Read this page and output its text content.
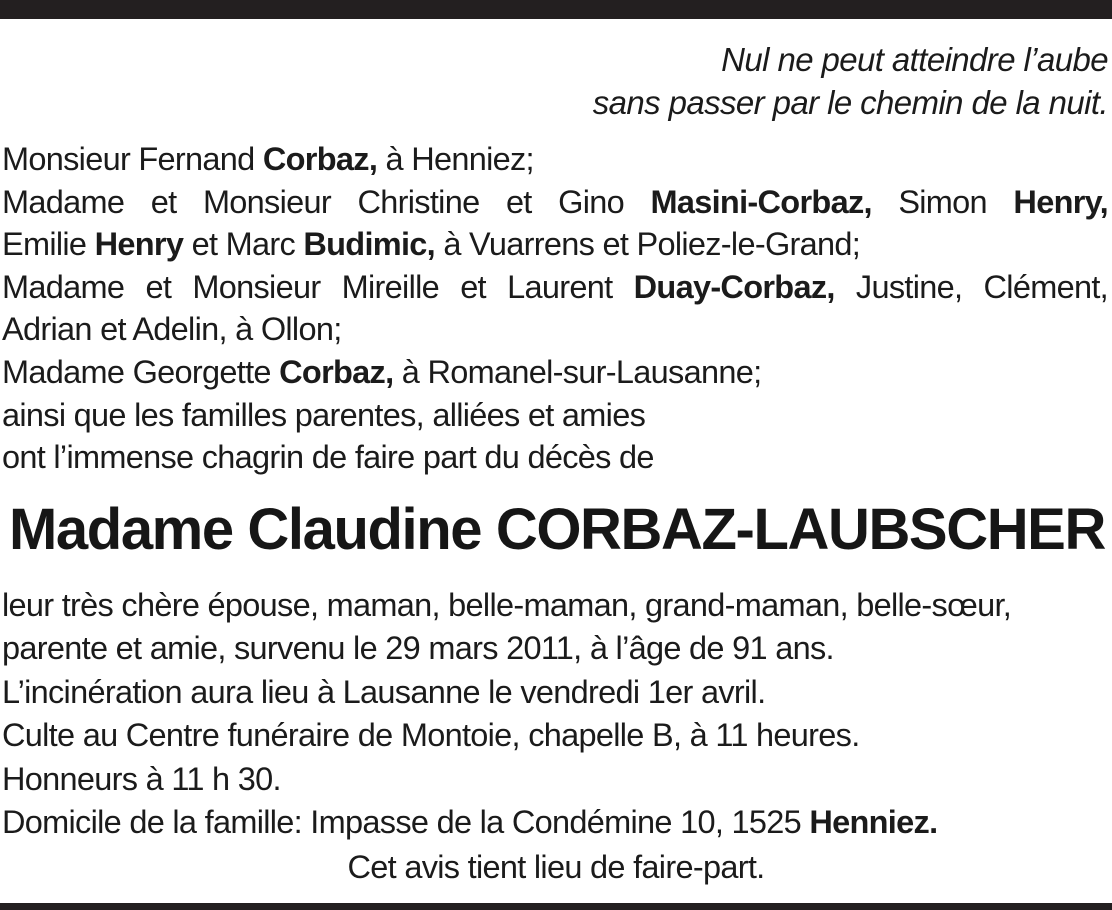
Nul ne peut atteindre l’aube
sans passer par le chemin de la nuit.
Monsieur Fernand Corbaz, à Henniez;
Madame et Monsieur Christine et Gino Masini-Corbaz, Simon Henry,
Emilie Henry et Marc Budimic, à Vuarrens et Poliez-le-Grand;
Madame et Monsieur Mireille et Laurent Duay-Corbaz, Justine, Clément,
Adrian et Adelin, à Ollon;
Madame Georgette Corbaz, à Romanel-sur-Lausanne;
ainsi que les familles parentes, alliées et amies
ont l’immense chagrin de faire part du décès de
Madame Claudine CORBAZ-LAUBSCHER
leur très chère épouse, maman, belle-maman, grand-maman, belle-sœur,
parente et amie, survenu le 29 mars 2011, à l’âge de 91 ans.
L’incinération aura lieu à Lausanne le vendredi 1er avril.
Culte au Centre funéraire de Montoie, chapelle B, à 11 heures.
Honneurs à 11 h 30.
Domicile de la famille: Impasse de la Condémine 10, 1525 Henniez.
Cet avis tient lieu de faire-part.
